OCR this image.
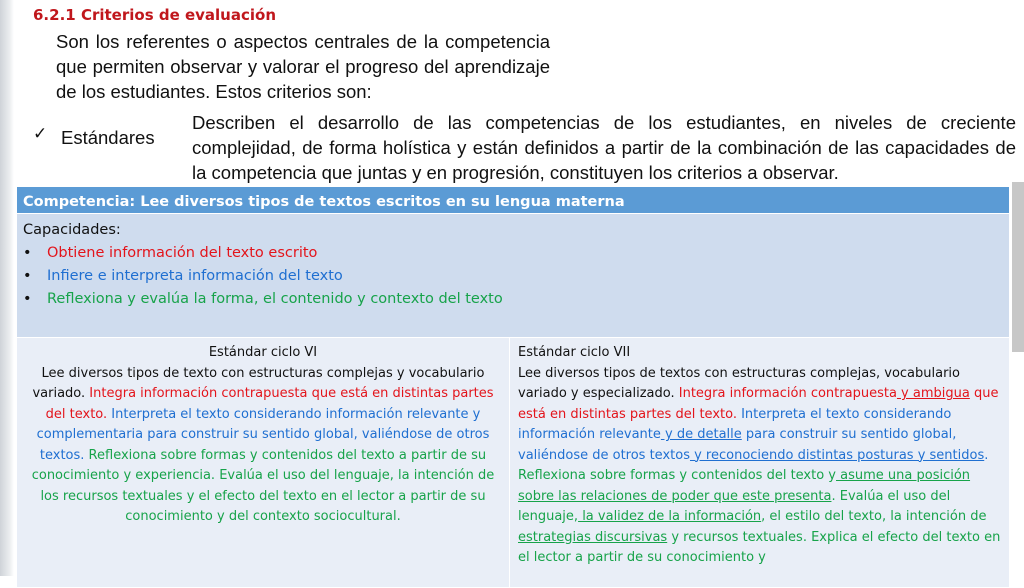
6.2.1 Criterios de evaluación

Son los referentes o aspectos centrales de la competencia que permiten observar y valorar el progreso del aprendizaje de los estudiantes. Estos criterios son:

✓ Estándares

Describen el desarrollo de las competencias de los estudiantes, en niveles de creciente complejidad, de forma holística y están definidos a partir de la combinación de las capacidades de la competencia que juntas y en progresión, constituyen los criterios a observar.

Competencia: Lee diversos tipos de textos escritos en su lengua materna

Capacidades:

• Obtiene información del texto escrito
• Infiere e interpreta información del texto
• Reflexiona y evalúa la forma, el contenido y contexto del texto

Estándar ciclo VI

Lee diversos tipos de texto con estructuras complejas y vocabulario variado. Integra información contrapuesta que está en distintas partes del texto. Interpreta el texto considerando información relevante y complementaria para construir su sentido global, valiéndose de otros textos. Reflexiona sobre formas y contenidos del texto a partir de su conocimiento y experiencia. Evalúa el uso del lenguaje, la intención de los recursos textuales y el efecto del texto en el lector a partir de su conocimiento y del contexto sociocultural.

Estándar ciclo VII

Lee diversos tipos de textos con estructuras complejas, vocabulario variado y especializado. Integra información contrapuesta y ambigua que está en distintas partes del texto. Interpreta el texto considerando información relevante y de detalle para construir su sentido global, valiéndose de otros textos y reconociendo distintas posturas y sentidos. Reflexiona sobre formas y contenidos del texto y asume una posición sobre las relaciones de poder que este presenta. Evalúa el uso del lenguaje, la validez de la información, el estilo del texto, la intención de estrategias discursivas y recursos textuales. Explica el efecto del texto en el lector a partir de su conocimiento y
